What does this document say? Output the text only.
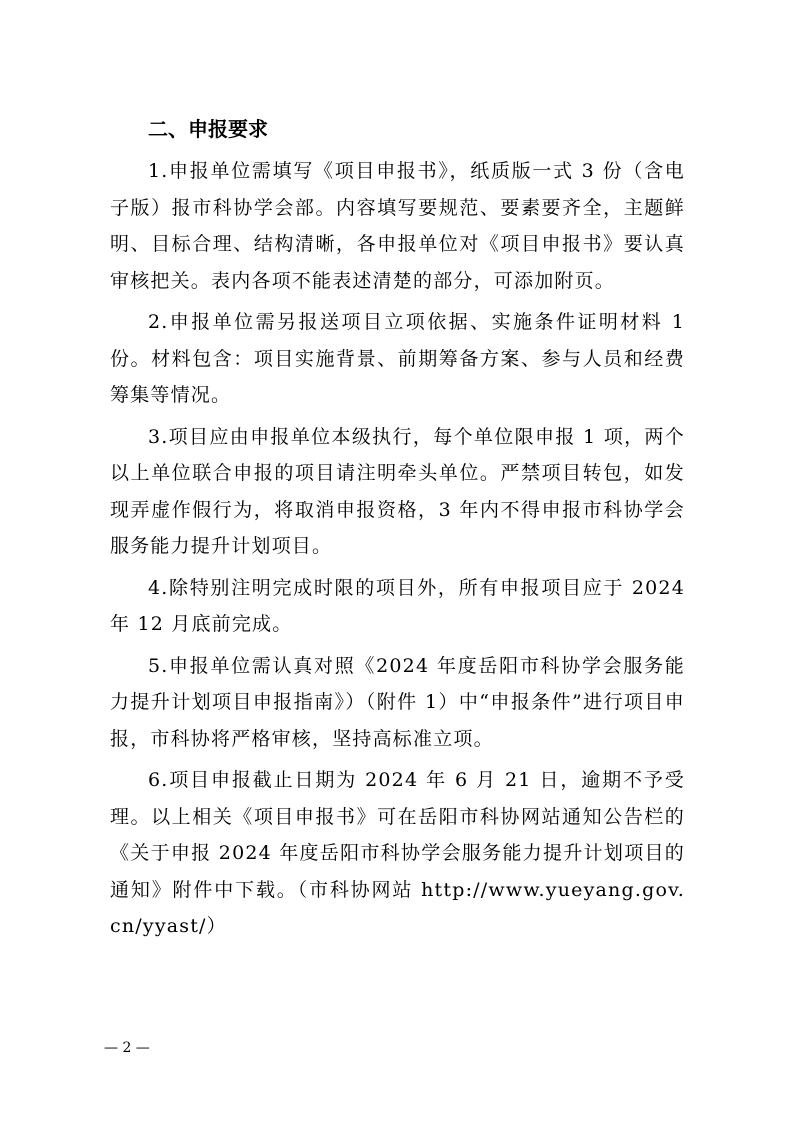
二、申报要求

1.申报单位需填写《项目申报书》，纸质版一式 3 份（含电子版）报市科协学会部。内容填写要规范、要素要齐全，主题鲜明、目标合理、结构清晰，各申报单位对《项目申报书》要认真审核把关。表内各项不能表述清楚的部分，可添加附页。

2.申报单位需另报送项目立项依据、实施条件证明材料 1 份。材料包含：项目实施背景、前期筹备方案、参与人员和经费筹集等情况。

3.项目应由申报单位本级执行，每个单位限申报 1 项，两个以上单位联合申报的项目请注明牵头单位。严禁项目转包，如发现弄虚作假行为，将取消申报资格，3 年内不得申报市科协学会服务能力提升计划项目。

4.除特别注明完成时限的项目外，所有申报项目应于 2024 年 12 月底前完成。

5.申报单位需认真对照《2024 年度岳阳市科协学会服务能力提升计划项目申报指南》）（附件 1）中“申报条件”进行项目申报，市科协将严格审核，坚持高标准立项。

6.项目申报截止日期为 2024 年 6 月 21 日，逾期不予受理。以上相关《项目申报书》可在岳阳市科协网站通知公告栏的《关于申报 2024 年度岳阳市科协学会服务能力提升计划项目的通知》附件中下载。（市科协网站 http://www.yueyang.gov.cn/yyast/）

— 2 —
